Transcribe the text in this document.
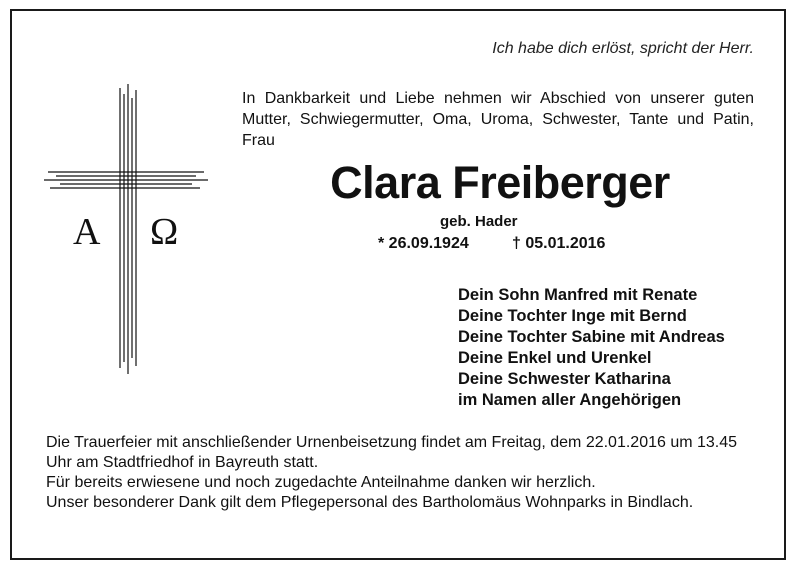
Ich habe dich erlöst, spricht der Herr.
A Ω
In Dankbarkeit und Liebe nehmen wir Abschied von unserer guten Mutter, Schwiegermutter, Oma, Uroma, Schwester, Tante und Patin, Frau
Clara Freiberger
geb. Hader
* 26.09.1924	† 05.01.2016
Dein Sohn Manfred mit Renate
Deine Tochter Inge mit Bernd
Deine Tochter Sabine mit Andreas
Deine Enkel und Urenkel
Deine Schwester Katharina
im Namen aller Angehörigen

Die Trauerfeier mit anschließender Urnenbeisetzung findet am Freitag, dem 22.01.2016 um 13.45 Uhr am Stadtfriedhof in Bayreuth statt.

Für bereits erwiesene und noch zugedachte Anteilnahme danken wir herzlich.

Unser besonderer Dank gilt dem Pflegepersonal des Bartholomäus Wohnparks in Bindlach.
